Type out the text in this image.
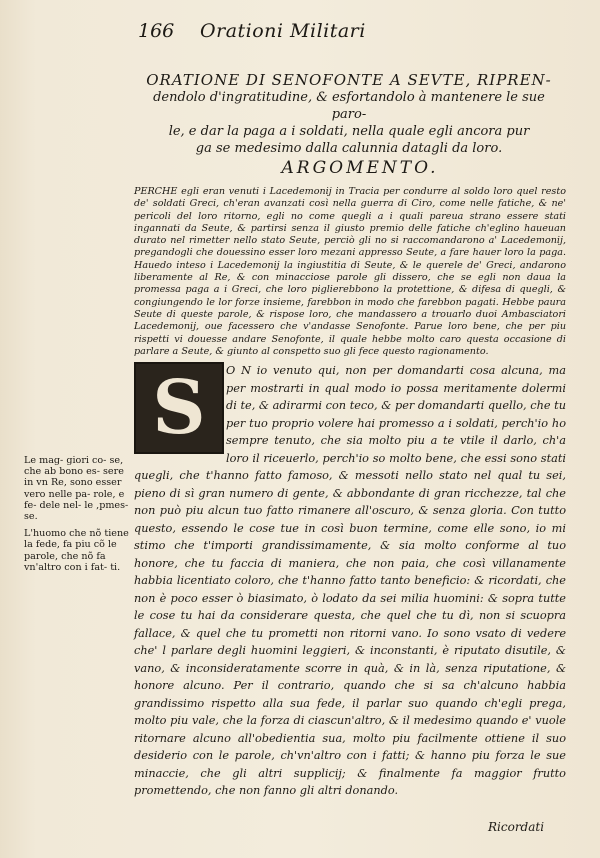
166 Orationi Militari
ORATIONE DI SENOFONTE A SEVTE, RIPREN-
dendolo d'ingratitudine, & esfortandolo à mantenere le sue paro-
le, e dar la paga a i soldati, nella quale egli ancora pur
ga se medesimo dalla calunnia datagli da loro.
ARGOMENTO.

PERCHE egli eran venuti i Lacedemonij in Tracia per condurre al soldo loro quel resto de' soldati Greci, ch'eran avanzati così nella guerra di Ciro, come nelle fatiche, & ne' pericoli del loro ritorno, egli no come quegli a i quali pareua strano essere stati ingannati da Seute, & partirsi senza il giusto premio delle fatiche ch'eglino haueuan durato nel rimetter nello stato Seute, perciò gli no si raccomandarono a' Lacedemonij, pregandogli che douessino esser loro mezani appresso Seute, a fare hauer loro la paga. Hauedo inteso i Lacedemonij la ingiustitia di Seute, & le querele de' Greci, andarono liberamente al Re, & con minacciose parole gli dissero, che se egli non daua la promessa paga a i Greci, che loro piglierebbono la protettione, & difesa di quegli, & congiungendo le lor forze insieme, farebbon in modo che farebbon pagati. Hebbe paura Seute di queste parole, & rispose loro, che mandassero a trouarlo duoi Ambasciatori Lacedemonij, oue facessero che v'andasse Senofonte. Parue loro bene, che per piu rispetti vi douesse andare Senofonte, il quale hebbe molto caro questa occasione di parlare a Seute, & giunto al conspetto suo gli fece questo ragionamento.

Le mag- giori co- se, che ab bono es- sere in vn Re, sono esser vero nelle pa- role, e fe- dele nel- le ,pmes- se.
L'huomo che nõ tiene la fede, fa piu cõ le parole, che nõ fa vn'altro con i fat- ti.

O N io venuto qui, non per domandarti cosa alcuna, ma per mostrarti in qual modo io possa meritamente dolermi di te, & adirarmi con teco, & per domandarti quello, che tu per tuo proprio volere hai promesso a i soldati, perch'io ho sempre tenuto, che sia molto piu a te vtile il darlo, ch'a loro il riceuerlo, perch'io so molto bene, che essi sono stati quegli, che t'hanno fatto famoso, & messoti nello stato nel qual tu sei, pieno di sì gran numero di gente, & abbondante di gran ricchezze, tal che non può piu alcun tuo fatto rimanere all'oscuro, & senza gloria. Con tutto questo, essendo le cose tue in così buon termine, come elle sono, io mi stimo che t'importi grandissimamente, & sia molto conforme al tuo honore, che tu faccia di maniera, che non paia, che così villanamente habbia licentiato coloro, che t'hanno fatto tanto beneficio: & ricordati, che non è poco esser ò biasimato, ò lodato da sei milia huomini: & sopra tutte le cose tu hai da considerare questa, che quel che tu dì, non si scuopra fallace, & quel che tu prometti non ritorni vano. Io sono vsato di vedere che' l parlare degli huomini leggieri, & inconstanti, è riputato disutile, & vano, & inconsideratamente scorre in quà, & in là, senza riputatione, & honore alcuno. Per il contrario, quando che si sa ch'alcuno habbia grandissimo rispetto alla sua fede, il parlar suo quando ch'egli prega, molto piu vale, che la forza di ciascun'altro, & il medesimo quando e' vuole ritornare alcuno all'obedientia sua, molto piu facilmente ottiene il suo desiderio con le parole, ch'vn'altro con i fatti; & hanno piu forza le sue minaccie, che gli altri supplicij; & finalmente fa maggior frutto promettendo, che non fanno gli altri donando.

S
Ricordati
